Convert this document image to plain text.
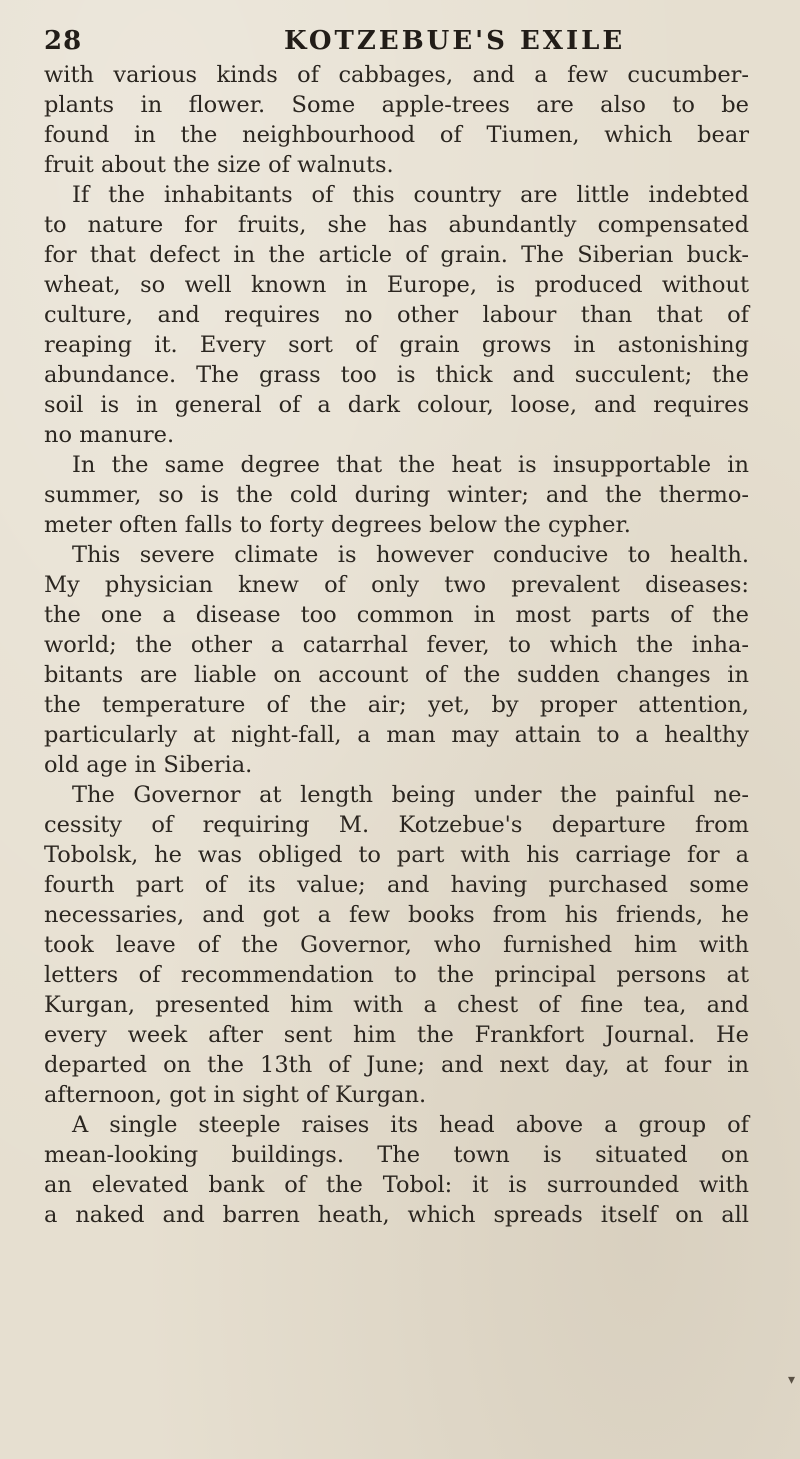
28	KOTZEBUE'S EXILE
with various kinds of cabbages, and a few cucumber-
plants in flower. Some apple-trees are also to be
found in the neighbourhood of Tiumen, which bear
fruit about the size of walnuts.
If the inhabitants of this country are little indebted
to nature for fruits, she has abundantly compensated
for that defect in the article of grain. The Siberian buck-
wheat, so well known in Europe, is produced without
culture, and requires no other labour than that of
reaping it. Every sort of grain grows in astonishing
abundance. The grass too is thick and succulent; the
soil is in general of a dark colour, loose, and requires
no manure.
In the same degree that the heat is insupportable in
summer, so is the cold during winter; and the thermo-
meter often falls to forty degrees below the cypher.
This severe climate is however conducive to health.
My physician knew of only two prevalent diseases:
the one a disease too common in most parts of the
world; the other a catarrhal fever, to which the inha-
bitants are liable on account of the sudden changes in
the temperature of the air; yet, by proper attention,
particularly at night-fall, a man may attain to a healthy
old age in Siberia.
The Governor at length being under the painful ne-
cessity of requiring M. Kotzebue's departure from
Tobolsk, he was obliged to part with his carriage for a
fourth part of its value; and having purchased some
necessaries, and got a few books from his friends, he
took leave of the Governor, who furnished him with
letters of recommendation to the principal persons at
Kurgan, presented him with a chest of fine tea, and
every week after sent him the Frankfort Journal. He
departed on the 13th of June; and next day, at four in
afternoon, got in sight of Kurgan.
A single steeple raises its head above a group of
mean-looking buildings. The town is situated on
an elevated bank of the Tobol: it is surrounded with
a naked and barren heath, which spreads itself on all
▾
